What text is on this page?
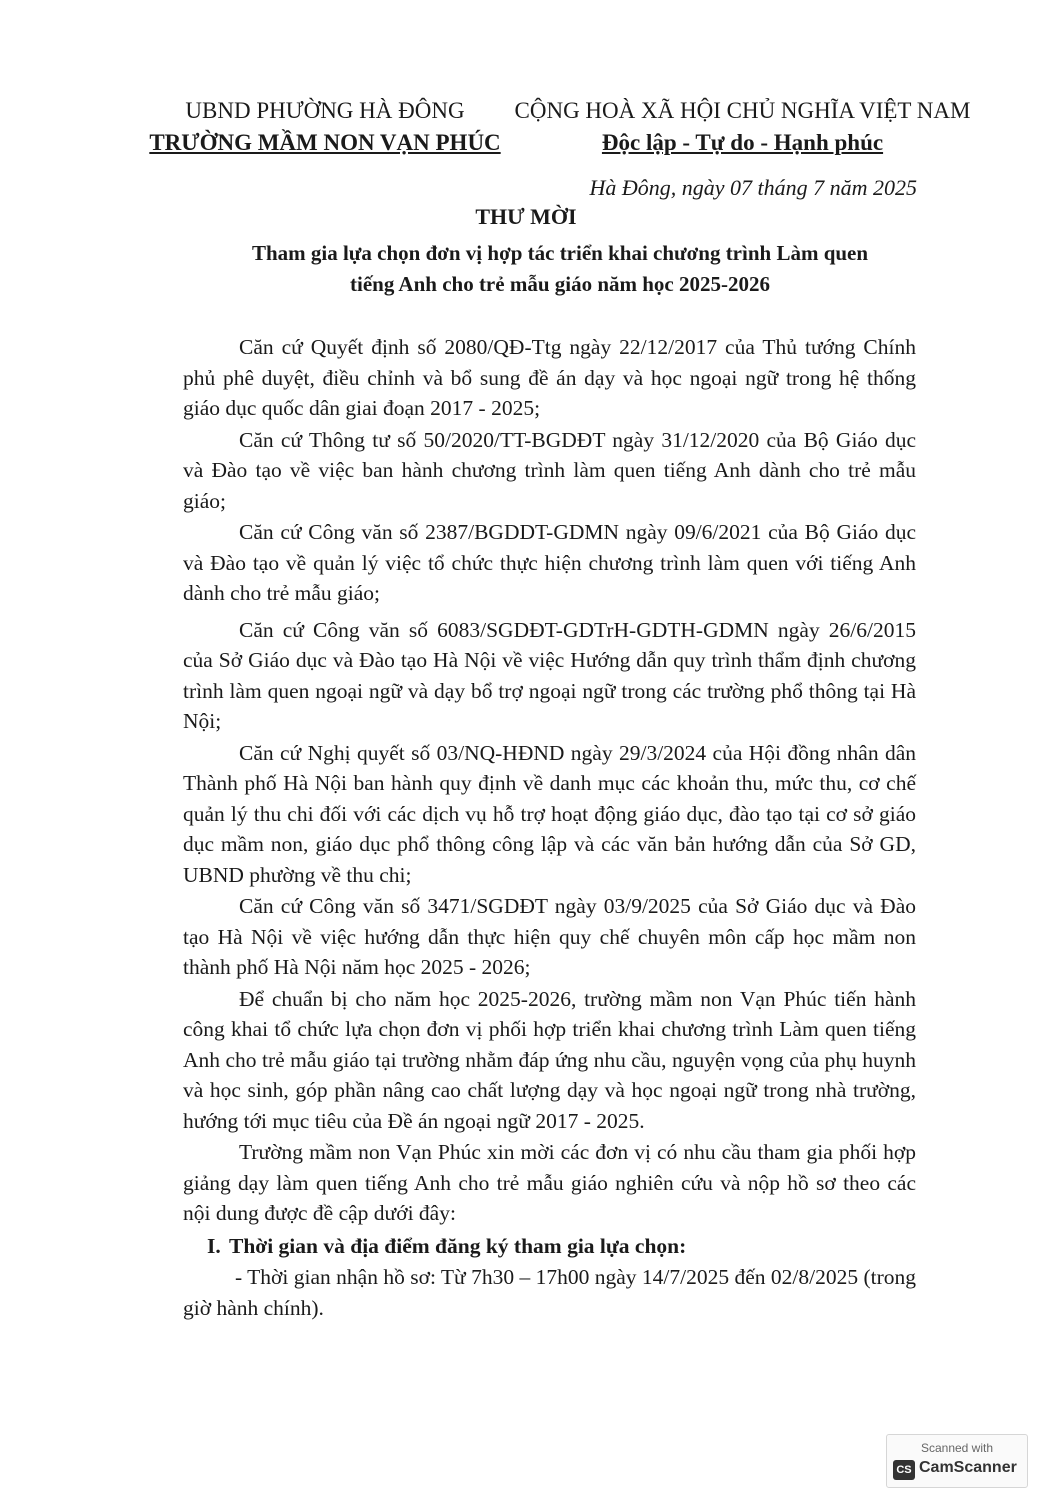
UBND PHƯỜNG HÀ ĐÔNG
TRƯỜNG MẦM NON VẠN PHÚC
CỘNG HOÀ XÃ HỘI CHỦ NGHĨA VIỆT NAM
Độc lập - Tự do - Hạnh phúc
Hà Đông, ngày 07 tháng 7 năm 2025
THƯ MỜI
Tham gia lựa chọn đơn vị hợp tác triển khai chương trình Làm quen
tiếng Anh cho trẻ mẫu giáo năm học 2025-2026

Căn cứ Quyết định số 2080/QĐ-Ttg ngày 22/12/2017 của Thủ tướng Chính phủ phê duyệt, điều chỉnh và bổ sung đề án dạy và học ngoại ngữ trong hệ thống giáo dục quốc dân giai đoạn 2017 - 2025;

Căn cứ Thông tư số 50/2020/TT-BGDĐT ngày 31/12/2020 của Bộ Giáo dục và Đào tạo về việc ban hành chương trình làm quen tiếng Anh dành cho trẻ mẫu giáo;

Căn cứ Công văn số 2387/BGDDT-GDMN ngày 09/6/2021 của Bộ Giáo dục và Đào tạo về quản lý việc tổ chức thực hiện chương trình làm quen với tiếng Anh dành cho trẻ mẫu giáo;

Căn cứ Công văn số 6083/SGDĐT-GDTrH-GDTH-GDMN ngày 26/6/2015 của Sở Giáo dục và Đào tạo Hà Nội về việc Hướng dẫn quy trình thẩm định chương trình làm quen ngoại ngữ và dạy bổ trợ ngoại ngữ trong các trường phổ thông tại Hà Nội;

Căn cứ Nghị quyết số 03/NQ-HĐND ngày 29/3/2024 của Hội đồng nhân dân Thành phố Hà Nội ban hành quy định về danh mục các khoản thu, mức thu, cơ chế quản lý thu chi đối với các dịch vụ hỗ trợ hoạt động giáo dục, đào tạo tại cơ sở giáo dục mầm non, giáo dục phổ thông công lập và các văn bản hướng dẫn của Sở GD, UBND phường về thu chi;

Căn cứ Công văn số 3471/SGDĐT ngày 03/9/2025 của Sở Giáo dục và Đào tạo Hà Nội về việc hướng dẫn thực hiện quy chế chuyên môn cấp học mầm non thành phố Hà Nội năm học 2025 - 2026;

Để chuẩn bị cho năm học 2025-2026, trường mầm non Vạn Phúc tiến hành công khai tổ chức lựa chọn đơn vị phối hợp triển khai chương trình Làm quen tiếng Anh cho trẻ mẫu giáo tại trường nhằm đáp ứng nhu cầu, nguyện vọng của phụ huynh và học sinh, góp phần nâng cao chất lượng dạy và học ngoại ngữ trong nhà trường, hướng tới mục tiêu của Đề án ngoại ngữ 2017 - 2025.

Trường mầm non Vạn Phúc xin mời các đơn vị có nhu cầu tham gia phối hợp giảng dạy làm quen tiếng Anh cho trẻ mẫu giáo nghiên cứu và nộp hồ sơ theo các nội dung được đề cập dưới đây:

I. Thời gian và địa điểm đăng ký tham gia lựa chọn:

- Thời gian nhận hồ sơ: Từ 7h30 – 17h00 ngày 14/7/2025 đến 02/8/2025 (trong giờ hành chính).

Scanned with
CS CamScanner
